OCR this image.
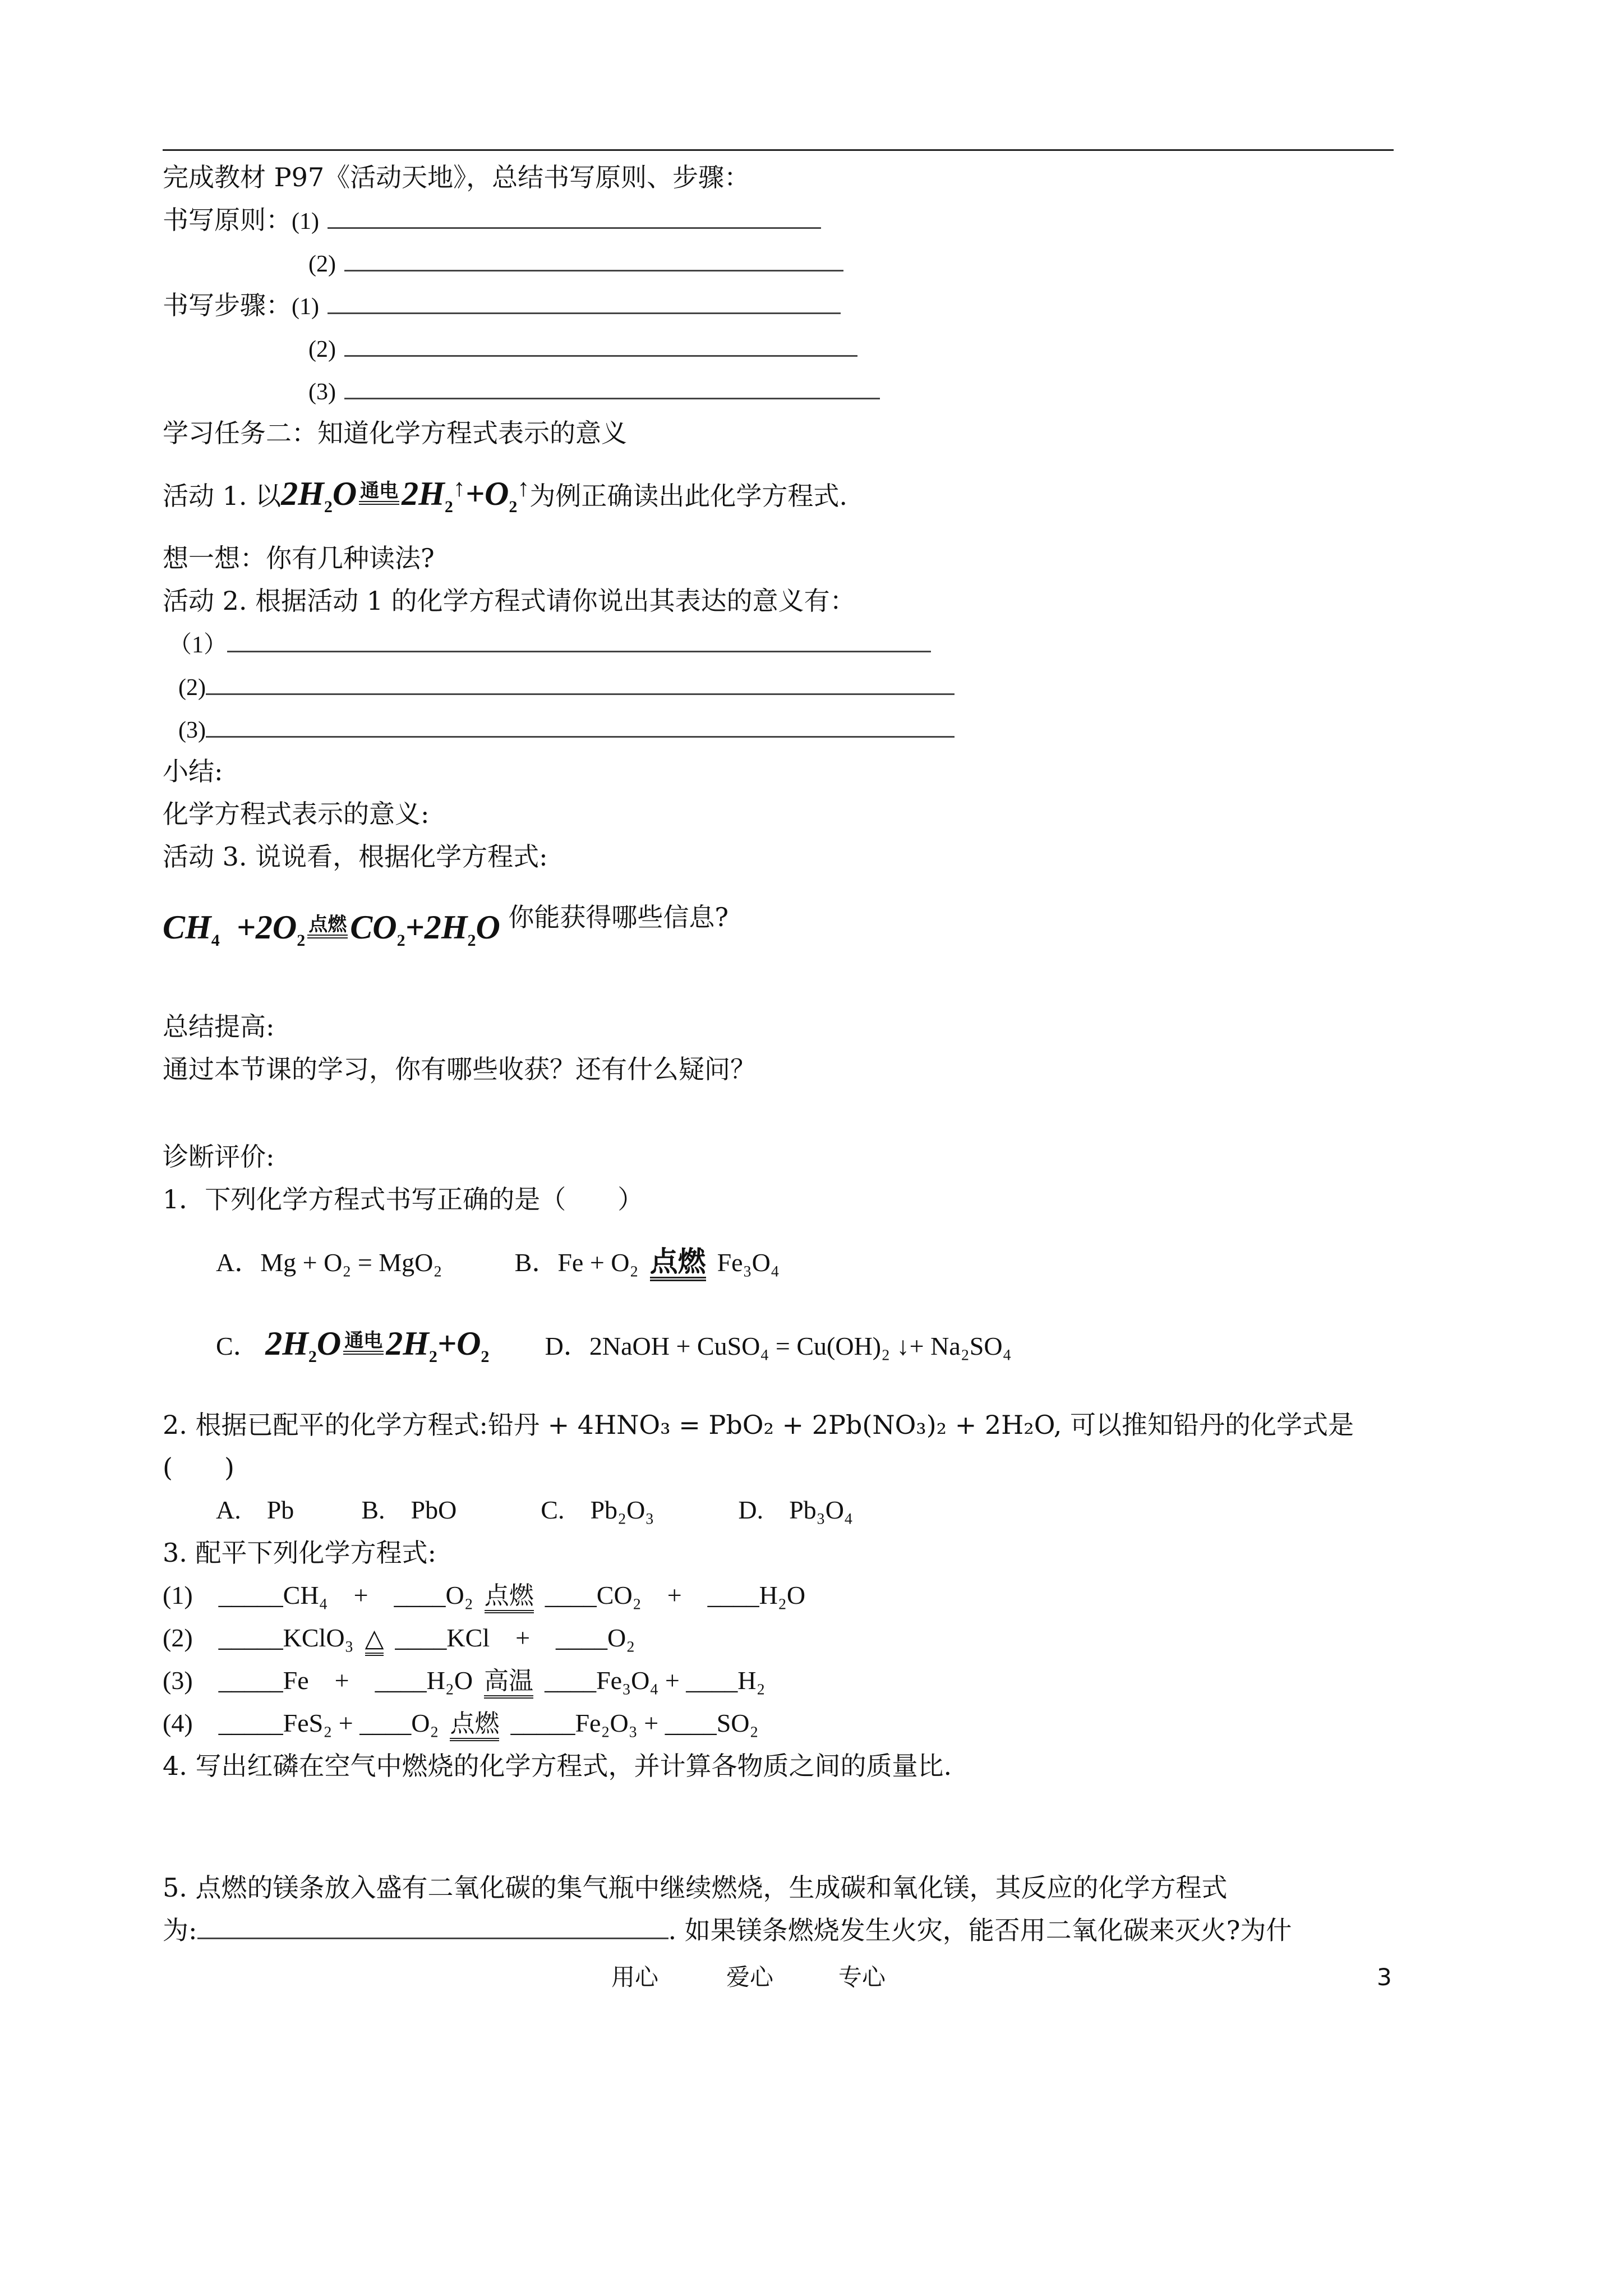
完成教材 P97《活动天地》，总结书写原则、步骤：
书写原则：(1)
(2)
书写步骤：(1)
(2)
(3)
学习任务二：知道化学方程式表示的意义
活动 1. 以$2H_2O$ 通电 $2H_2^↑+O_2^↑$为例正确读出此化学方程式.
想一想：你有几种读法?
活动 2. 根据活动 1 的化学方程式请你说出其表达的意义有：
（1）
(2)
(3)
小结:
化学方程式表示的意义:
活动 3. 说说看，根据化学方程式:
$CH_4 +2O_2$点燃 $CO_2+2H_2O$ 你能获得哪些信息?
总结提高:
通过本节课的学习，你有哪些收获？还有什么疑问？
诊断评价:
1．下列化学方程式书写正确的是（　　）
A．Mg + O₂ = MgO₂	B．Fe + O₂ 点燃 Fe₃O₄
C． $2H_2O$ 通电 $2H_2+O_2$ D．2NaOH + CuSO₄ = Cu(OH)₂ ↓+ Na₂SO₄
2. 根据已配平的化学方程式:铅丹 + 4HNO₃ = PbO₂ + 2Pb(NO₃)₂ + 2H₂O, 可以推知铅丹的化学式是
(　　)
A.　Pb	B.　PbO	C.　Pb₂O₃	D.　Pb₃O₄
3. 配平下列化学方程式:
(1)　_____CH₄　+　____O₂ 点燃 ____CO₂　+　____H₂O
(2)　_____KClO₃ △ ____KCl　+　____O₂
(3)　_____Fe　+　____H₂O 高温 ____Fe₃O₄ + ____H₂
(4)　_____FeS₂ + ____O₂ 点燃 _____Fe₂O₃ + ____SO₂
4. 写出红磷在空气中燃烧的化学方程式，并计算各物质之间的质量比.
5. 点燃的镁条放入盛有二氧化碳的集气瓶中继续燃烧，生成碳和氧化镁，其反应的化学方程式
为:	. 如果镁条燃烧发生火灾，能否用二氧化碳来灭火?为什
用心	爱心	专心	3
